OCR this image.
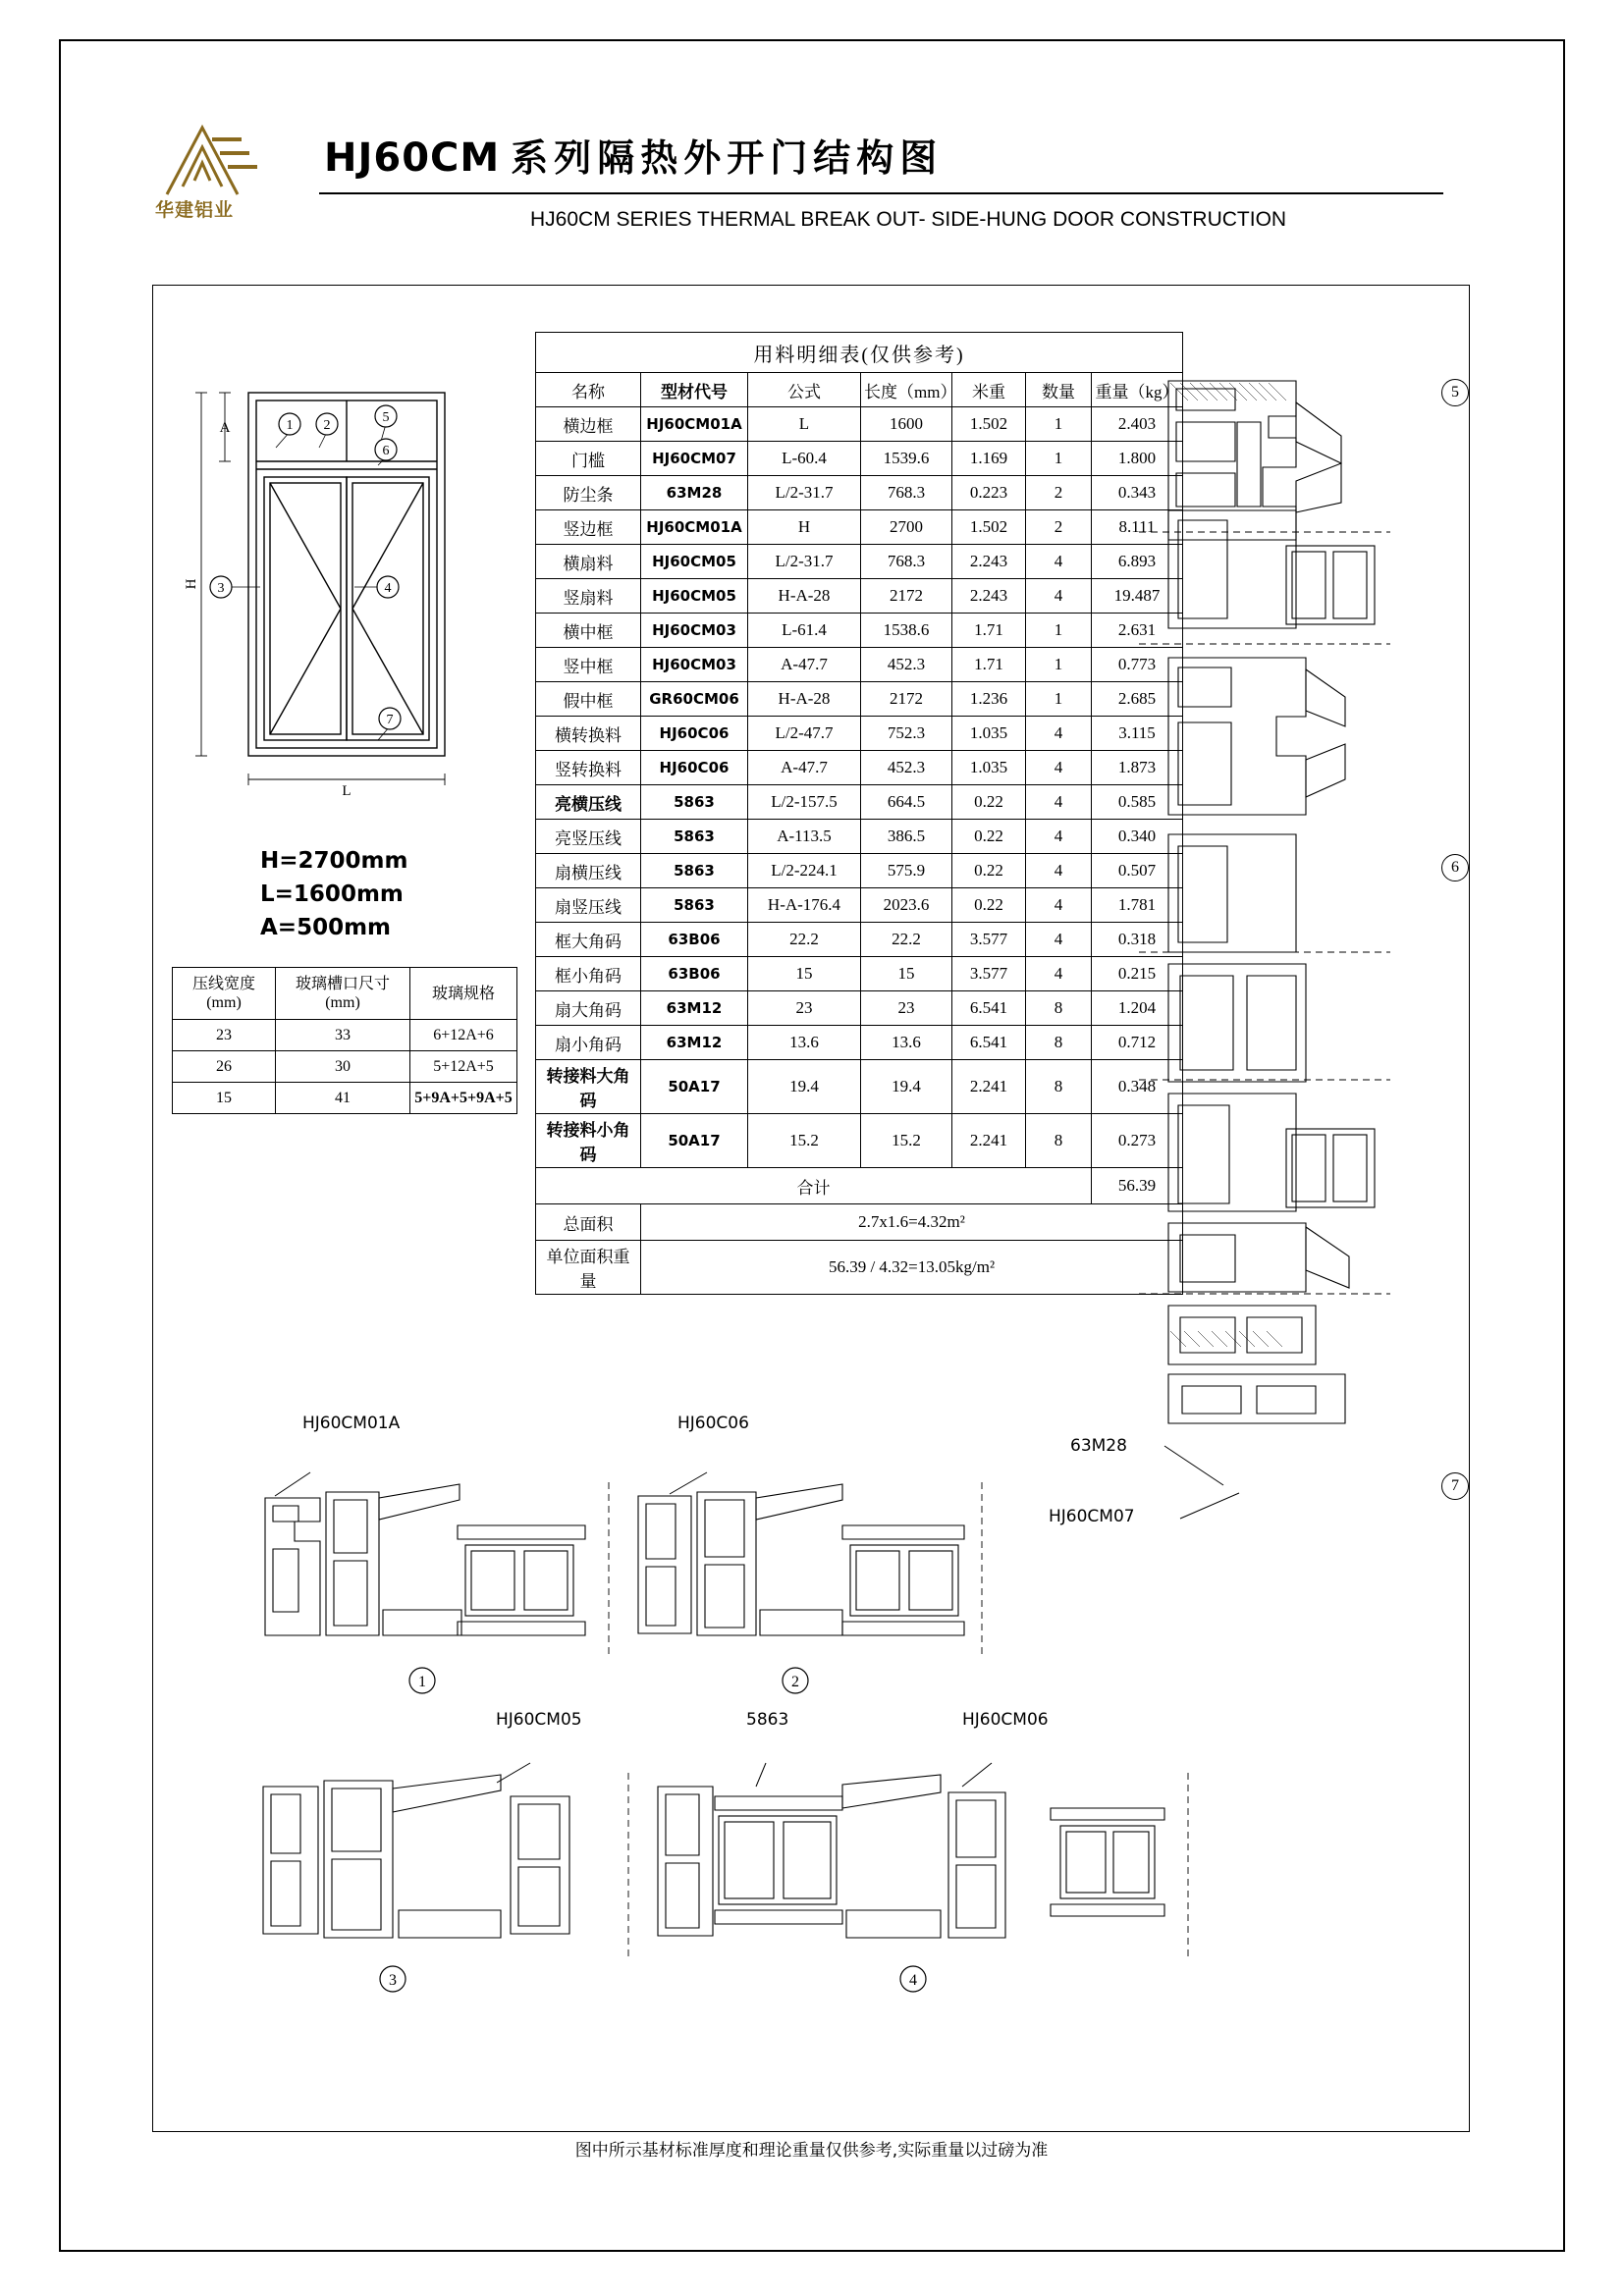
华建铝业
HJ60CM 系列隔热外开门结构图
HJ60CM SERIES THERMAL BREAK OUT- SIDE-HUNG DOOR CONSTRUCTION
1 2
5
6
3	4
7
A
L
H
H=2700mm
L=1600mm
A=500mm
压线宽度
(mm)	玻璃槽口尺寸
(mm)	玻璃规格
23	33	6+12A+6
26	30	5+12A+5
15	41	5+9A+5+9A+5
用料明细表(仅供参考)						
名称	型材代号	公式	长度（mm）	米重	数量	重量（kg）
横边框	HJ60CM01A	L	1600	1.502	1	2.403
门槛	HJ60CM07	L-60.4	1539.6	1.169	1	1.800
防尘条	63M28	L/2-31.7	768.3	0.223	2	0.343
竖边框	HJ60CM01A	H	2700	1.502	2	8.111
横扇料	HJ60CM05	L/2-31.7	768.3	2.243	4	6.893
竖扇料	HJ60CM05	H-A-28	2172	2.243	4	19.487
横中框	HJ60CM03	L-61.4	1538.6	1.71	1	2.631
竖中框	HJ60CM03	A-47.7	452.3	1.71	1	0.773
假中框	GR60CM06	H-A-28	2172	1.236	1	2.685
横转换料	HJ60C06	L/2-47.7	752.3	1.035	4	3.115
竖转换料	HJ60C06	A-47.7	452.3	1.035	4	1.873
亮横压线	5863	L/2-157.5	664.5	0.22	4	0.585
亮竖压线	5863	A-113.5	386.5	0.22	4	0.340
扇横压线	5863	L/2-224.1	575.9	0.22	4	0.507
扇竖压线	5863	H-A-176.4	2023.6	0.22	4	1.781
框大角码	63B06	22.2	22.2	3.577	4	0.318
框小角码	63B06	15	15	3.577	4	0.215
扇大角码	63M12	23	23	6.541	8	1.204
扇小角码	63M12	13.6	13.6	6.541	8	0.712
转接料大角码	50A17	19.4	19.4	2.241	8	0.348
转接料小角码	50A17	15.2	15.2	2.241	8	0.273
合计						56.39
总面积	2.7x1.6=4.32m²					
单位面积重量	56.39 / 4.32=13.05kg/m²					
5
6
7
63M28
HJ60CM07
HJ60CM01A	HJ60C06
1	2
HJ60CM05	5863	HJ60CM06
3	4
图中所示基材标准厚度和理论重量仅供参考,实际重量以过磅为准
